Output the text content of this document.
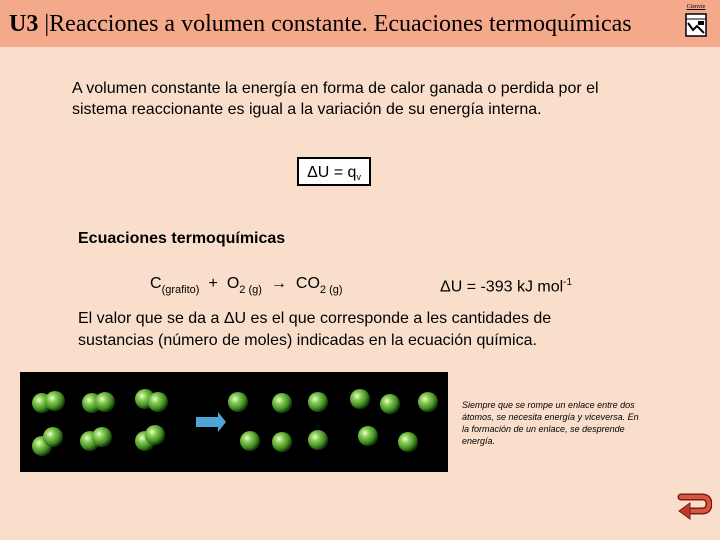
U3 |Reacciones a volumen constante. Ecuaciones termoquímicas
Cienvie
A volumen constante la energía en forma de calor ganada o perdida por el sistema reaccionante es igual a la variación de su energía interna.
$\Delta U = q_v$
Ecuaciones termoquímicas
$C_{(grafito)} + O_{2 (g)} \to CO_{2 (g)}$	ΔU = -393 kJ mol$^{-1}$
El valor que se da a ΔU es el que corresponde a les cantidades de sustancias (número de moles) indicadas en la ecuación química.
Siempre que se rompe un enlace entre dos átomos, se necesita energía y viceversa. En la formación de un enlace, se desprende energía.
